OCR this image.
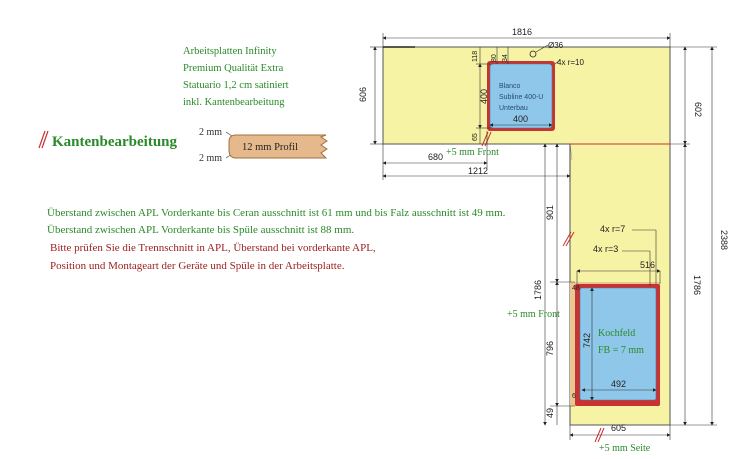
Arbeitsplatten Infinity
Premium Qualität Extra
Statuario 1,2 cm satiniert
inkl. Kantenbearbeitung
Überstand zwischen APL Vorderkante bis Ceran ausschnitt ist 61 mm und bis Falz ausschnitt ist 49 mm.
Überstand zwischen APL Vorderkante bis Spüle ausschnitt ist 88 mm.
Bitte prüfen Sie die Trennschnitt in APL, Überstand bei vorderkante APL,
Position und Montageart der Geräte und Spüle in der Arbeitsplatte.
Kantenbearbeitung
2 mm
2 mm
12 mm Profil
Blanco
Subline 400-U
Unterbau
Kochfeld
FB = 7 mm
1816
606
602
2388
1786
1786
680
1212
901
796
49
605
516
492
742
4x r=7
4x r=3
48
6
400
400
118 80 34
Ø36
4x r=10
65
+5 mm Front
+5 mm Front
+5 mm Seite
